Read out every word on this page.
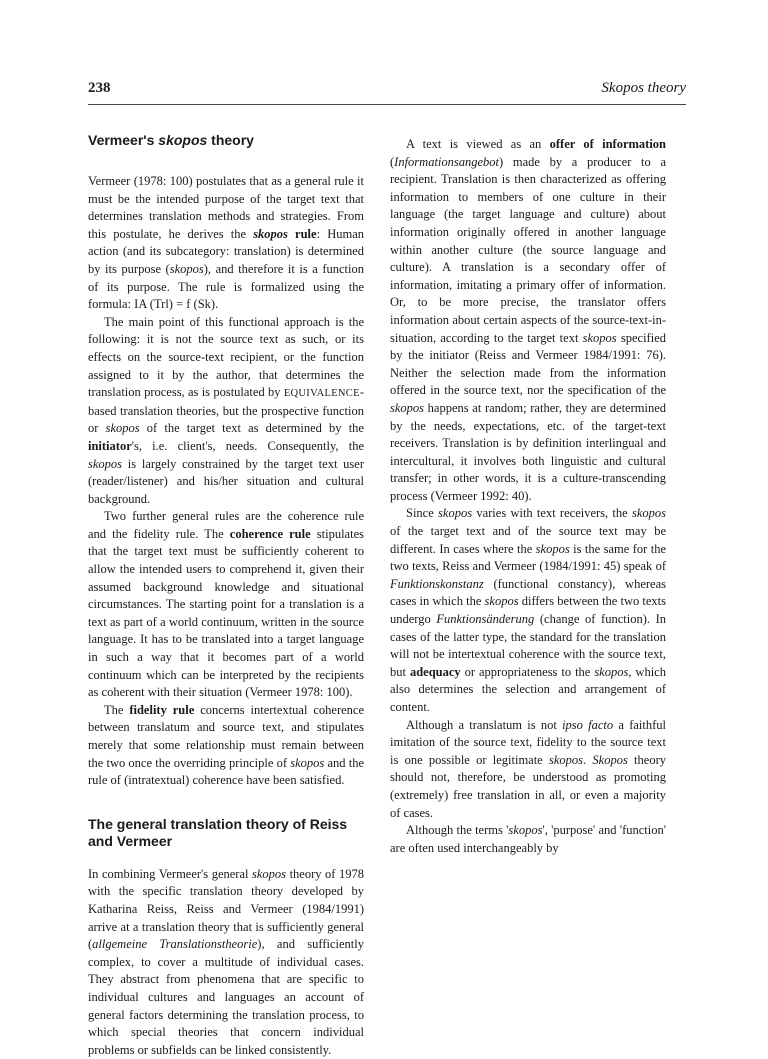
238	Skopos theory
Vermeer's skopos theory

Vermeer (1978: 100) postulates that as a general rule it must be the intended purpose of the target text that determines translation methods and strategies. From this postulate, he derives the skopos rule: Human action (and its subcategory: translation) is determined by its purpose (skopos), and therefore it is a function of its purpose. The rule is formalized using the formula: IA (Trl) = f (Sk).

The main point of this functional approach is the following: it is not the source text as such, or its effects on the source-text recipient, or the function assigned to it by the author, that determines the translation process, as is postulated by EQUIVALENCE-based translation theories, but the prospective function or skopos of the target text as determined by the initiator's, i.e. client's, needs. Consequently, the skopos is largely constrained by the target text user (reader/listener) and his/her situation and cultural background.

Two further general rules are the coherence rule and the fidelity rule. The coherence rule stipulates that the target text must be sufficiently coherent to allow the intended users to comprehend it, given their assumed background knowledge and situational circumstances. The starting point for a translation is a text as part of a world continuum, written in the source language. It has to be translated into a target language in such a way that it becomes part of a world continuum which can be interpreted by the recipients as coherent with their situation (Vermeer 1978: 100).

The fidelity rule concerns intertextual coherence between translatum and source text, and stipulates merely that some relationship must remain between the two once the overriding principle of skopos and the rule of (intratextual) coherence have been satisfied.

The general translation theory of Reiss and Vermeer

In combining Vermeer's general skopos theory of 1978 with the specific translation theory developed by Katharina Reiss, Reiss and Vermeer (1984/1991) arrive at a translation theory that is sufficiently general (allgemeine Translationstheorie), and sufficiently complex, to cover a multitude of individual cases. They abstract from phenomena that are specific to individual cultures and languages an account of general factors determining the translation process, to which special theories that concern individual problems or subfields can be linked consistently.

A text is viewed as an offer of information (Informationsangebot) made by a producer to a recipient. Translation is then characterized as offering information to members of one culture in their language (the target language and culture) about information originally offered in another language within another culture (the source language and culture). A translation is a secondary offer of information, imitating a primary offer of information. Or, to be more precise, the translator offers information about certain aspects of the source-text-in-situation, according to the target text skopos specified by the initiator (Reiss and Vermeer 1984/1991: 76). Neither the selection made from the information offered in the source text, nor the specification of the skopos happens at random; rather, they are determined by the needs, expectations, etc. of the target-text receivers. Translation is by definition interlingual and intercultural, it involves both linguistic and cultural transfer; in other words, it is a culture-transcending process (Vermeer 1992: 40).

Since skopos varies with text receivers, the skopos of the target text and of the source text may be different. In cases where the skopos is the same for the two texts, Reiss and Vermeer (1984/1991: 45) speak of Funktionskonstanz (functional constancy), whereas cases in which the skopos differs between the two texts undergo Funktionsänderung (change of function). In cases of the latter type, the standard for the translation will not be intertextual coherence with the source text, but adequacy or appropriateness to the skopos, which also determines the selection and arrangement of content.

Although a translatum is not ipso facto a faithful imitation of the source text, fidelity to the source text is one possible or legitimate skopos. Skopos theory should not, therefore, be understood as promoting (extremely) free translation in all, or even a majority of cases.

Although the terms 'skopos', 'purpose' and 'function' are often used interchangeably by
